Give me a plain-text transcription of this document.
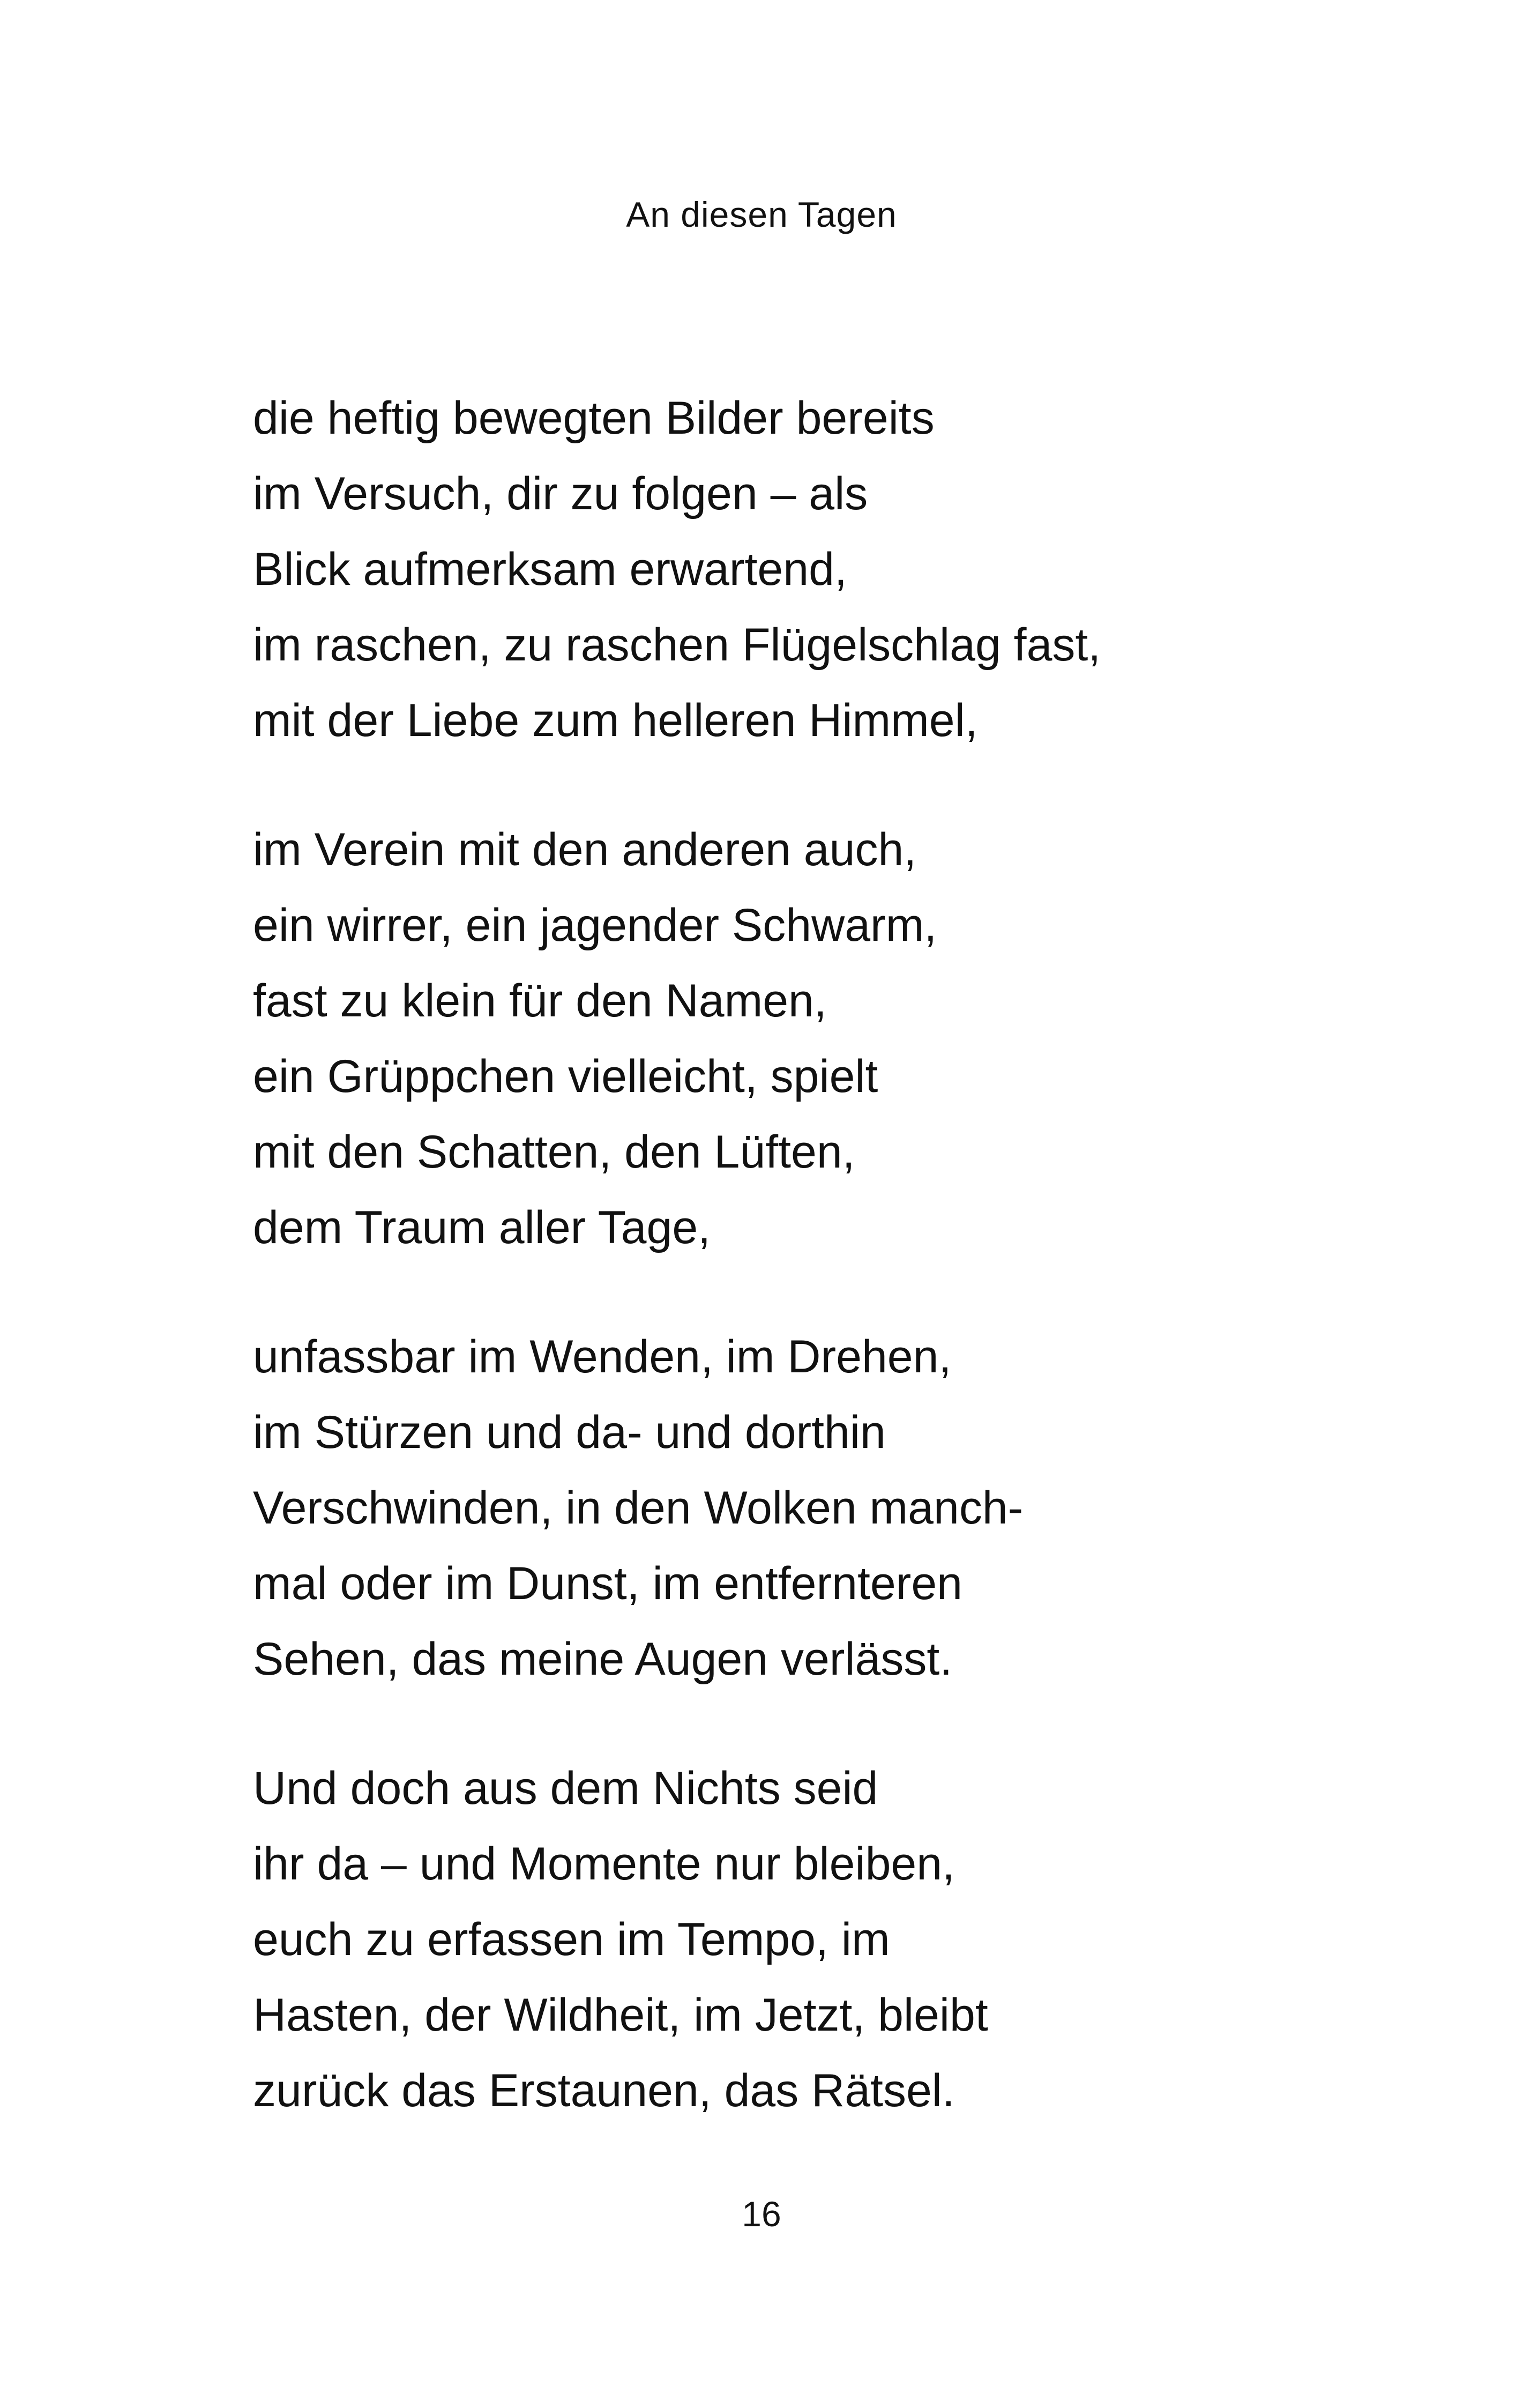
An diesen Tagen

die heftig bewegten Bilder bereits
im Versuch, dir zu folgen – als
Blick aufmerksam erwartend,
im raschen, zu raschen Flügelschlag fast,
mit der Liebe zum helleren Himmel,

im Verein mit den anderen auch,
ein wirrer, ein jagender Schwarm,
fast zu klein für den Namen,
ein Grüppchen vielleicht, spielt
mit den Schatten, den Lüften,
dem Traum aller Tage,

unfassbar im Wenden, im Drehen,
im Stürzen und da- und dorthin
Verschwinden, in den Wolken manch-
mal oder im Dunst, im entfernteren
Sehen, das meine Augen verlässt.

Und doch aus dem Nichts seid
ihr da – und Momente nur bleiben,
euch zu erfassen im Tempo, im
Hasten, der Wildheit, im Jetzt, bleibt
zurück das Erstaunen, das Rätsel.

16
